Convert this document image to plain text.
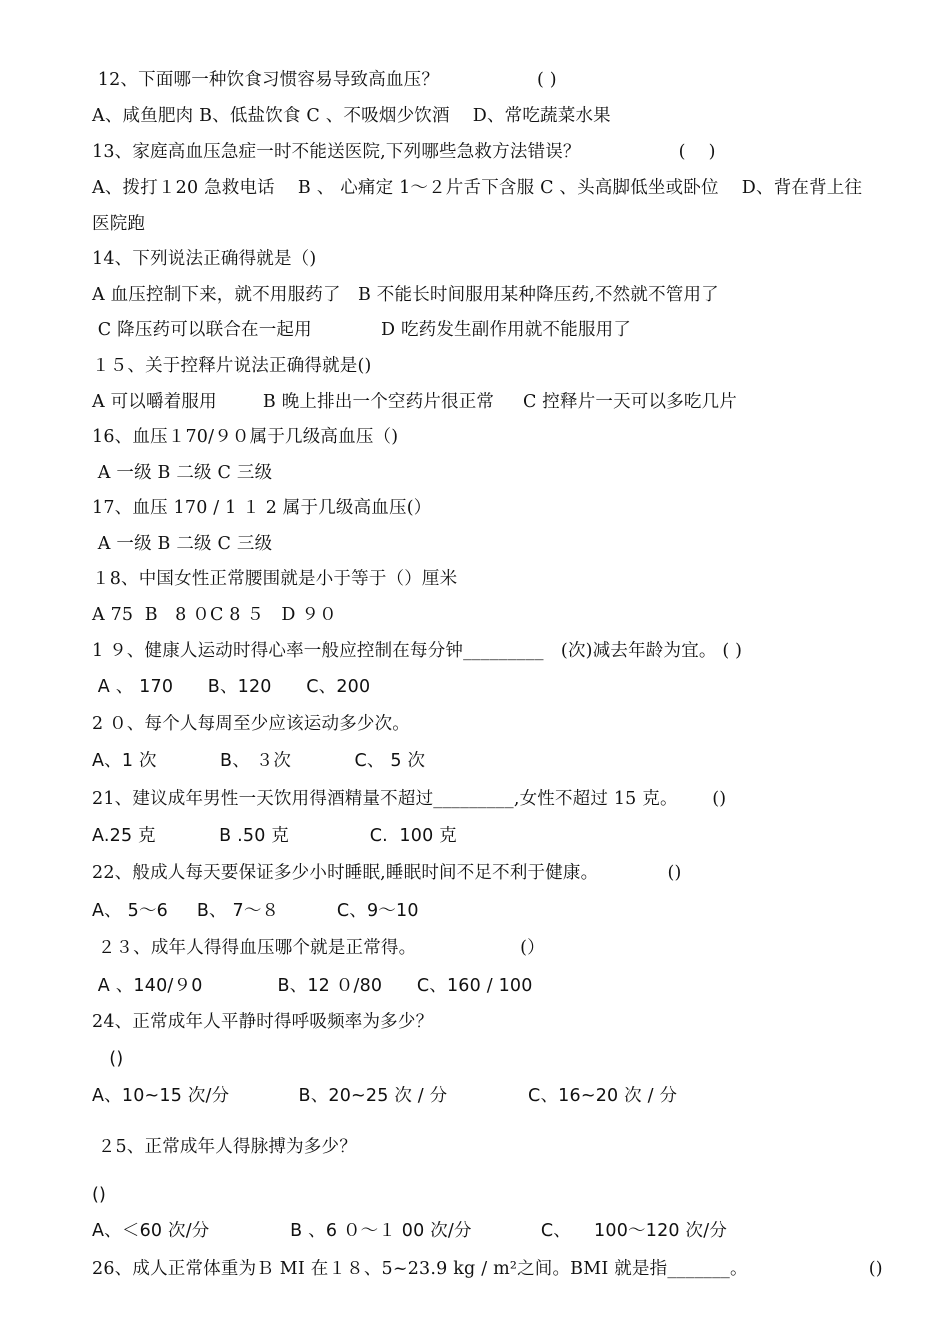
12、下面哪一种饮食习惯容易导致高血压？                 ( )
A、咸鱼肥肉 B、低盐饮食 C 、不吸烟少饮酒    D、常吃蔬菜水果
13、家庭高血压急症一时不能送医院,下列哪些急救方法错误？                 (    )
A、拨打１20 急救电话    B 、 心痛定 1～２片舌下含服 C 、头高脚低坐或卧位    D、背在背上往
医院跑
14、下列说法正确得就是（)
A 血压控制下来，就不用服药了   B 不能长时间服用某种降压药,不然就不管用了
C 降压药可以联合在一起用            D 吃药发生副作用就不能服用了
１５、关于控释片说法正确得就是()
A 可以嚼着服用        B 晚上排出一个空药片很正常     C 控释片一天可以多吃几片
16、血压１70/９０属于几级高血压（)
A 一级 B 二级 C 三级
17、血压 170 / 1 １ 2 属于几级高血压(）
A 一级 B 二级 C 三级
１8、中国女性正常腰围就是小于等于（）厘米
A 75  B   8 ０C 8 ５   D ９０
1 ９、健康人运动时得心率一般应控制在每分钟_________   (次)减去年龄为宜。 ( )
A 、 170      B、120      C、200
2 ０、每个人每周至少应该运动多少次。
A、1 次           B、 ３次           C、 5 次
21、建议成年男性一天饮用得酒精量不超过_________,女性不超过 15 克。      ()
A.25 克           B .50 克              C.  100 克
22、般成人每天要保证多少小时睡眠,睡眠时间不足不利于健康。            ()
A、 5～6     B、 7～８          C、9～10
２３、成年人得得血压哪个就是正常得。                  (）
A 、140/９0             B、12 ０/80      C、160 / 100
24、正常成年人平静时得呼吸频率为多少？
()
A、10~15 次/分            B、20~25 次 / 分              C、16~20 次 / 分
２5、正常成年人得脉搏为多少？
()
A、＜60 次/分              B 、6 ０～１ 00 次/分            C、    100～120 次/分
26、成人正常体重为Ｂ MI 在１８、5~23.9 kg / m²之间。BMI 就是指_______。                     ()
